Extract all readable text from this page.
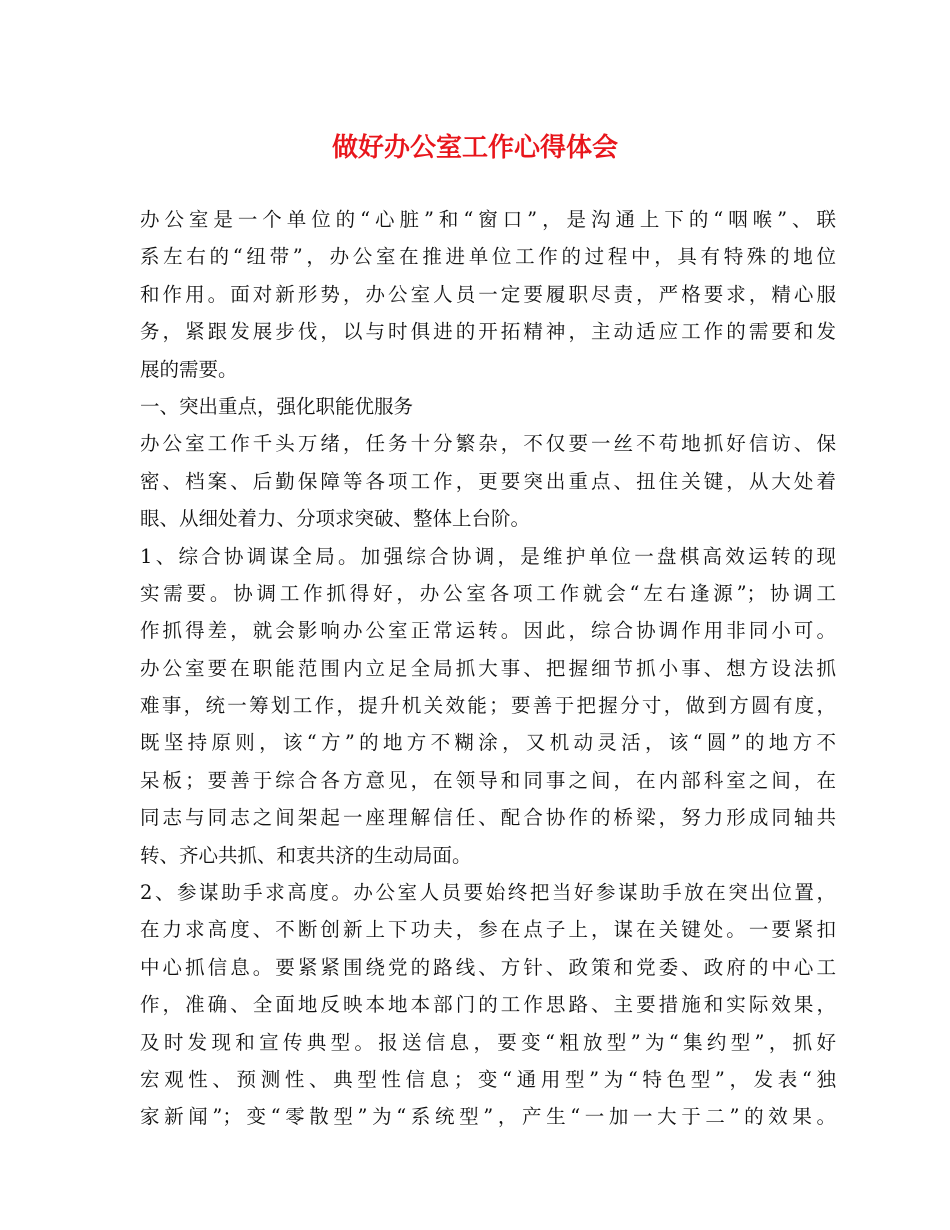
做好办公室工作心得体会
办公室是一个单位的“心脏”和“窗口”，是沟通上下的“咽喉”、联
系左右的“纽带”，办公室在推进单位工作的过程中，具有特殊的地位
和作用。面对新形势，办公室人员一定要履职尽责，严格要求，精心服
务，紧跟发展步伐，以与时俱进的开拓精神，主动适应工作的需要和发
展的需要。
一、突出重点，强化职能优服务
办公室工作千头万绪，任务十分繁杂，不仅要一丝不苟地抓好信访、保
密、档案、后勤保障等各项工作，更要突出重点、扭住关键，从大处着
眼、从细处着力、分项求突破、整体上台阶。
1、综合协调谋全局。加强综合协调，是维护单位一盘棋高效运转的现
实需要。协调工作抓得好，办公室各项工作就会“左右逢源”；协调工
作抓得差，就会影响办公室正常运转。因此，综合协调作用非同小可。
办公室要在职能范围内立足全局抓大事、把握细节抓小事、想方设法抓
难事，统一筹划工作，提升机关效能；要善于把握分寸，做到方圆有度，
既坚持原则，该“方”的地方不糊涂，又机动灵活，该“圆”的地方不
呆板；要善于综合各方意见，在领导和同事之间，在内部科室之间，在
同志与同志之间架起一座理解信任、配合协作的桥梁，努力形成同轴共
转、齐心共抓、和衷共济的生动局面。
2、参谋助手求高度。办公室人员要始终把当好参谋助手放在突出位置，
在力求高度、不断创新上下功夫，参在点子上，谋在关键处。一要紧扣
中心抓信息。要紧紧围绕党的路线、方针、政策和党委、政府的中心工
作，准确、全面地反映本地本部门的工作思路、主要措施和实际效果，
及时发现和宣传典型。报送信息，要变“粗放型”为“集约型”，抓好
宏观性、预测性、典型性信息；变“通用型”为“特色型”，发表“独
家新闻”；变“零散型”为“系统型”，产生“一加一大于二”的效果。
